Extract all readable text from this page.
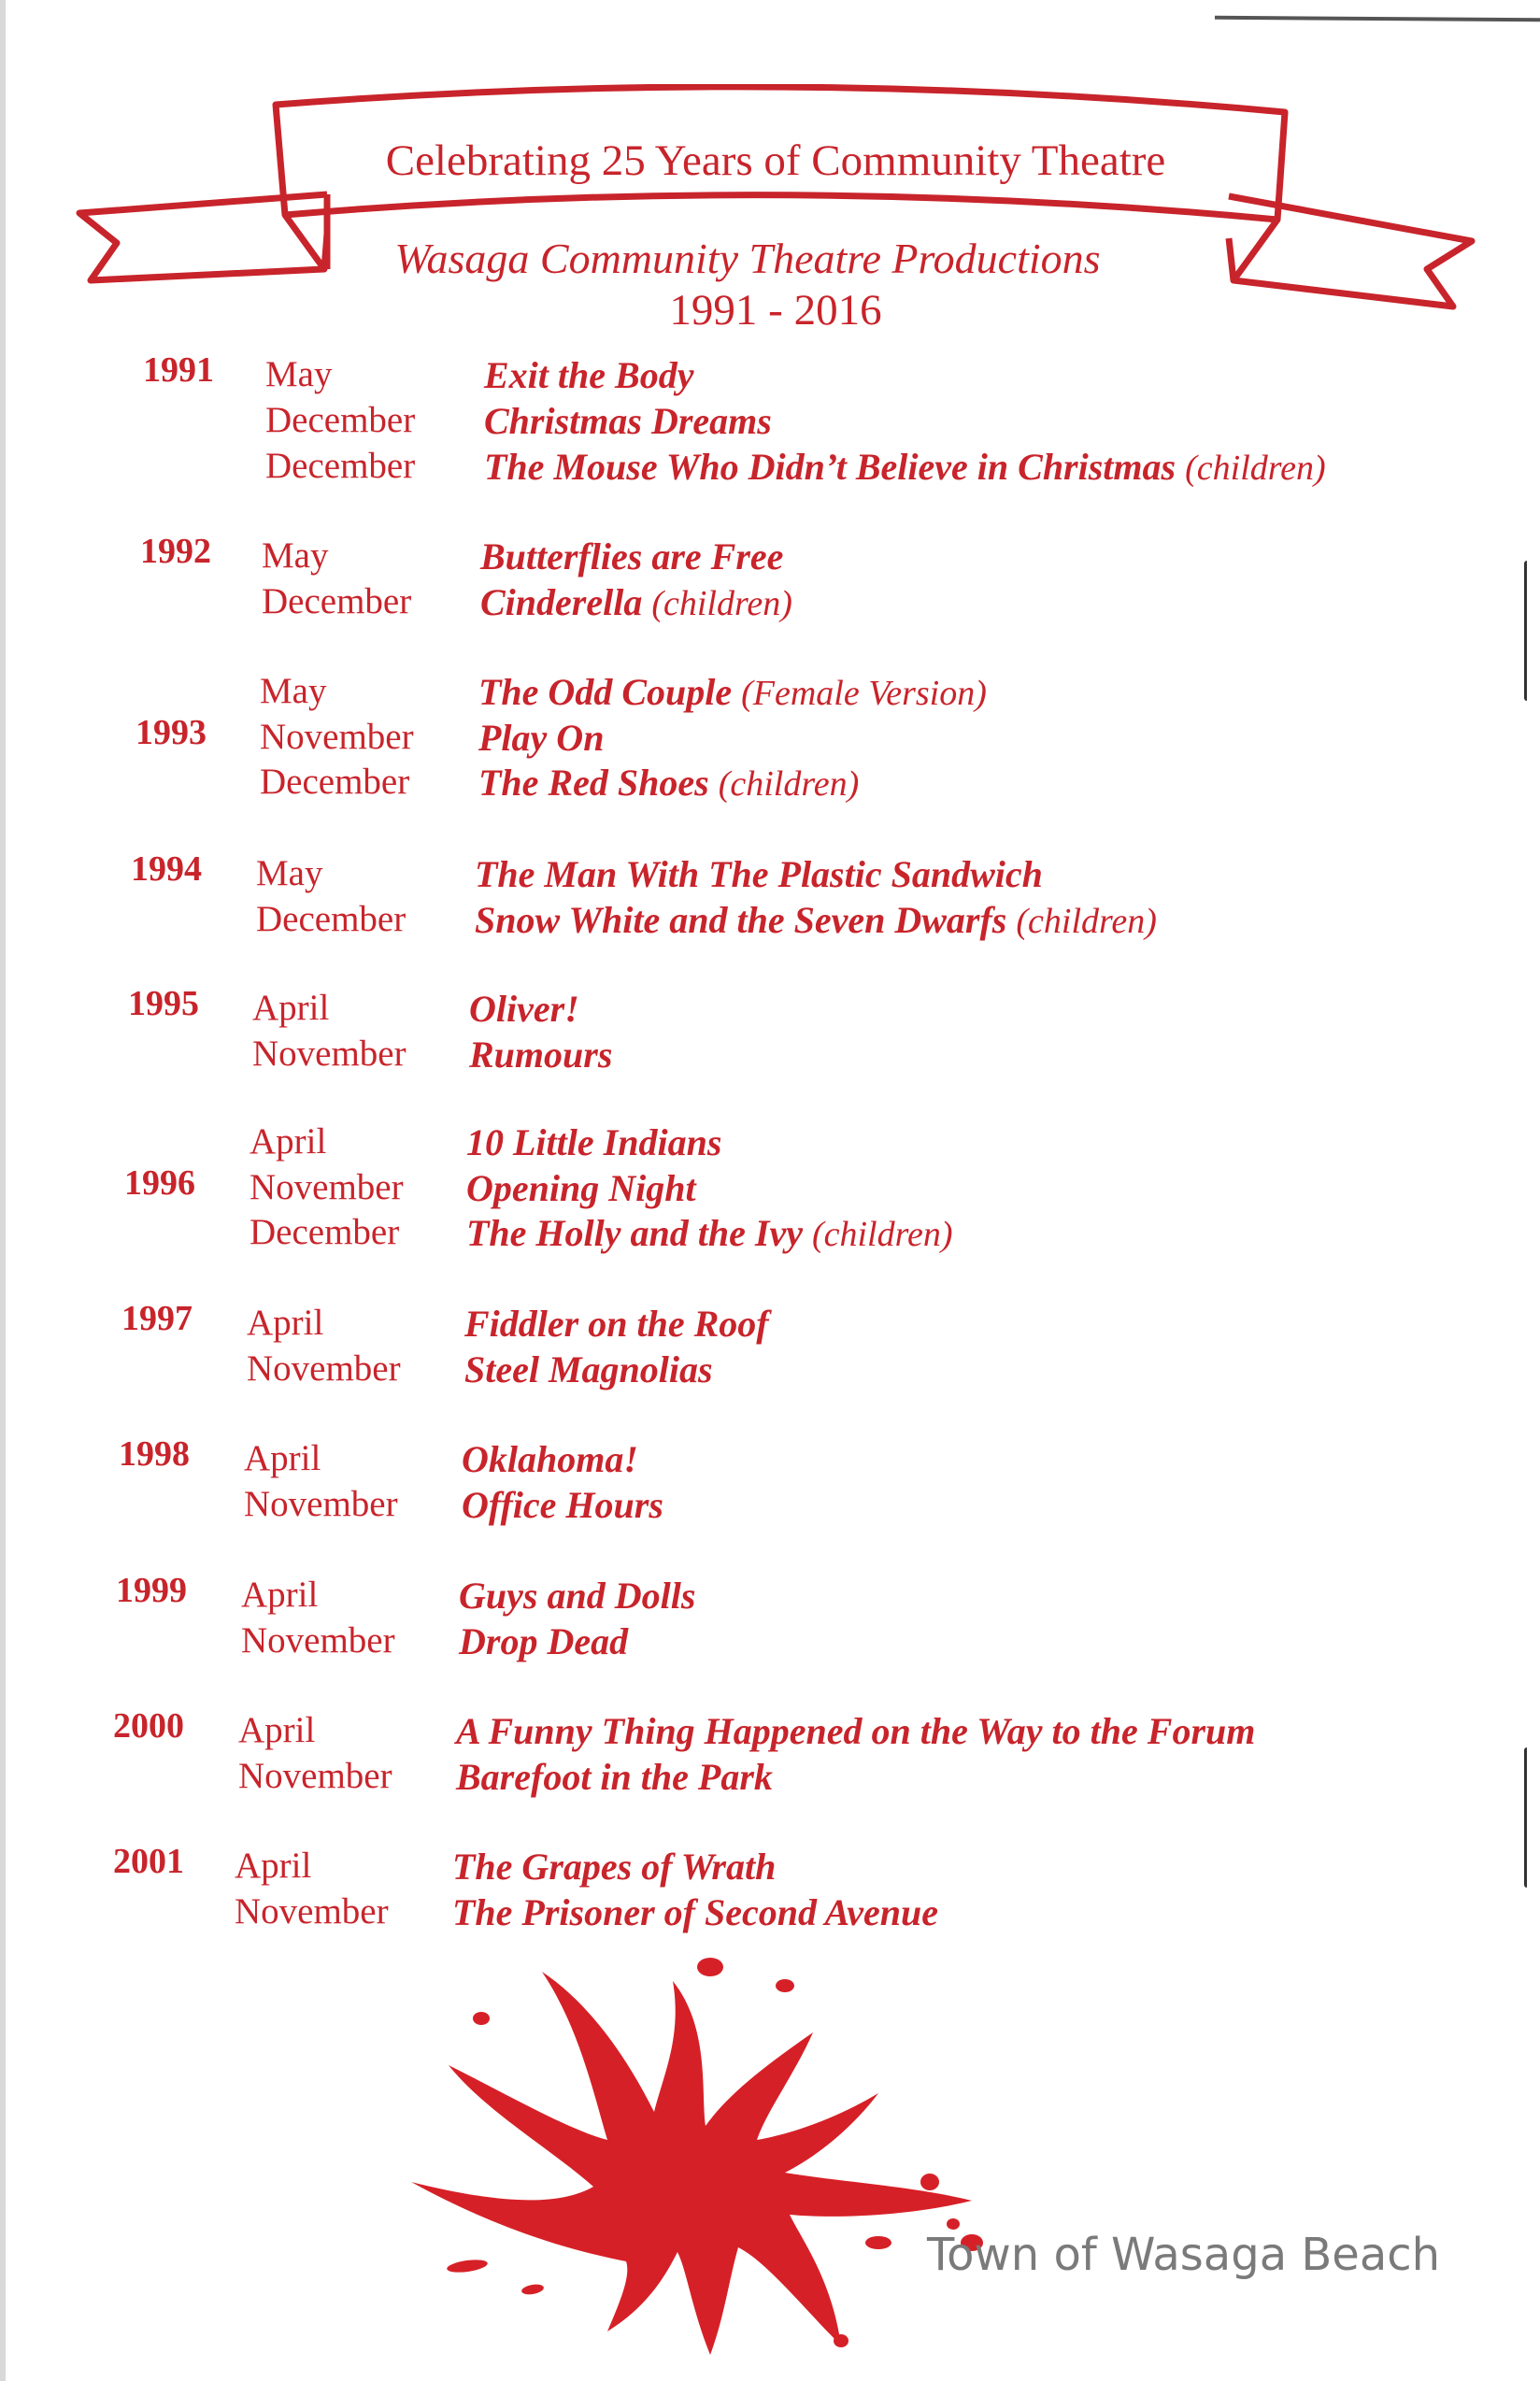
Celebrating 25 Years of Community Theatre
Wasaga Community Theatre Productions
1991 - 2016
1991 May	Exit the Body
December Christmas Dreams
December The Mouse Who Didn’t Believe in Christmas (children)
1992 May	Butterflies are Free
December Cinderella (children)
1993
May	The Odd Couple (Female Version)
November Play On
December The Red Shoes (children)
1994 May	The Man With The Plastic Sandwich
December Snow White and the Seven Dwarfs (children)
1995 April	Oliver!
November Rumours
1996
April	10 Little Indians
November Opening Night
December The Holly and the Ivy (children)
1997 April	Fiddler on the Roof
November Steel Magnolias
1998 April	Oklahoma!
November Office Hours
1999 April	Guys and Dolls
November Drop Dead
2000 April	A Funny Thing Happened on the Way to the Forum
November Barefoot in the Park
2001 April	The Grapes of Wrath
November The Prisoner of Second Avenue
Town of Wasaga Beach
